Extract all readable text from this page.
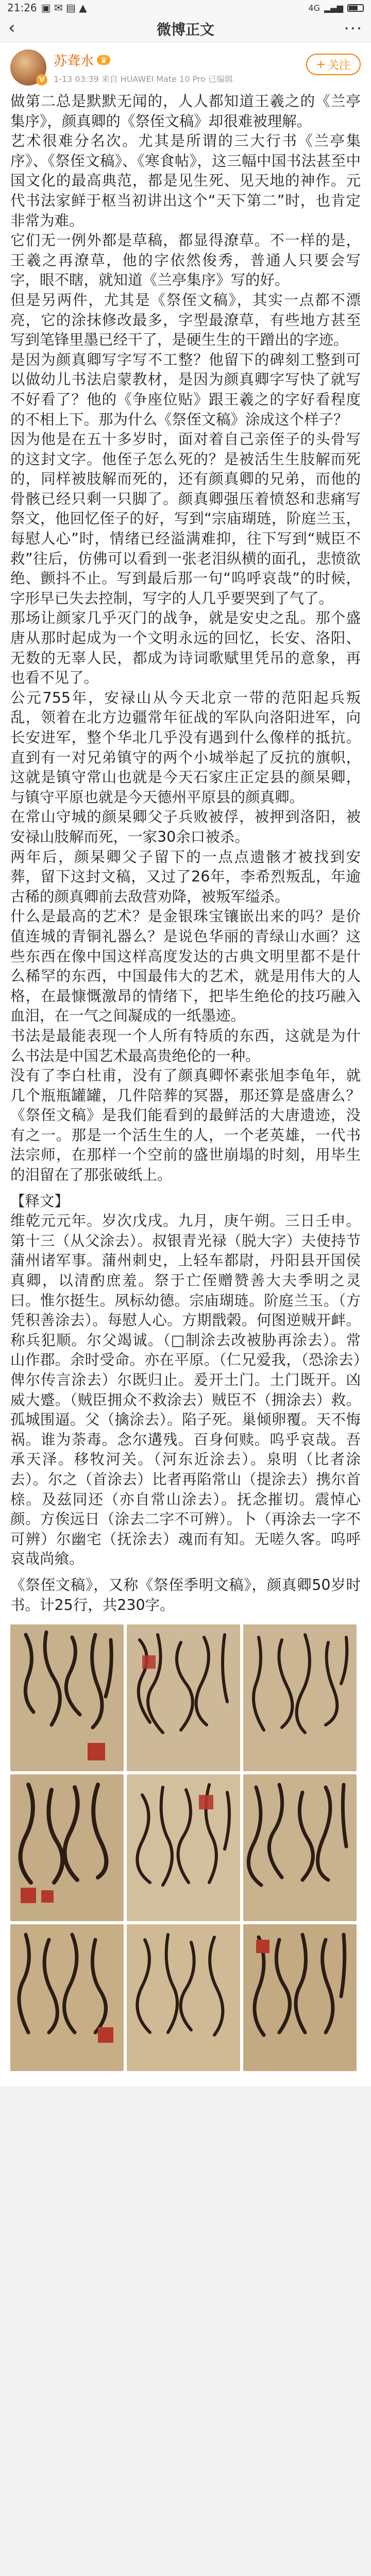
21:26 ▣ ✉ ▤ ▲	4G ▂▄▆
‹	微博正文	···
V
苏聋水 ♛
1-13 03:39 来自 HUAWEI Mate 10 Pro 已编辑
+ 关注

做第二总是默默无闻的，人人都知道王羲之的《兰亭集序》，颜真卿的《祭侄文稿》却很难被理解。

艺术很难分名次。尤其是所谓的三大行书《兰亭集序》、《祭侄文稿》、《寒食帖》，这三幅中国书法甚至中国文化的最高典范，都是见生死、见天地的神作。元代书法家鲜于枢当初讲出这个“天下第二”时，也肯定非常为难。

它们无一例外都是草稿，都显得潦草。不一样的是，王羲之再潦草，他的字依然俊秀，普通人只要会写字，眼不瞎，就知道《兰亭集序》写的好。

但是另两件，尤其是《祭侄文稿》，其实一点都不漂亮，它的涂抹修改最多，字型最潦草，有些地方甚至写到笔锋里墨已经干了，是硬生生的干蹭出的字迹。

是因为颜真卿写字写不工整？他留下的碑刻工整到可以做幼儿书法启蒙教材，是因为颜真卿字写快了就写不好看了？他的《争座位贴》跟王羲之的字好看程度的不相上下。那为什么《祭侄文稿》涂成这个样子？

因为他是在五十多岁时，面对着自己亲侄子的头骨写的这封文字。他侄子怎么死的？是被活生生肢解而死的，同样被肢解而死的，还有颜真卿的兄弟，而他的骨骸已经只剩一只脚了。颜真卿强压着愤怒和悲痛写祭文，他回忆侄子的好，写到“宗庙瑚琏，阶庭兰玉，每慰人心”时，情绪已经溢满难抑，往下写到“贼臣不救”往后，仿佛可以看到一张老泪纵横的面孔，悲愤欲绝、颤抖不止。写到最后那一句“呜呼哀哉”的时候，字形早已失去控制，写字的人几乎要哭到了气了。

那场让颜家几乎灭门的战争，就是安史之乱。那个盛唐从那时起成为一个文明永远的回忆，长安、洛阳、无数的无辜人民，都成为诗词歌赋里凭吊的意象，再也看不见了。

公元755年，安禄山从今天北京一带的范阳起兵叛乱，领着在北方边疆常年征战的军队向洛阳进军，向长安进军，整个华北几乎没有遇到什么像样的抵抗。直到有一对兄弟镇守的两个小城举起了反抗的旗帜，这就是镇守常山也就是今天石家庄正定县的颜杲卿，与镇守平原也就是今天德州平原县的颜真卿。

在常山守城的颜杲卿父子兵败被俘，被押到洛阳，被安禄山肢解而死，一家30余口被杀。

两年后，颜杲卿父子留下的一点点遗骸才被找到安葬，留下这封文稿，又过了26年，李希烈叛乱，年逾古稀的颜真卿前去敌营劝降，被叛军缢杀。

什么是最高的艺术？是金银珠宝镶嵌出来的吗？是价值连城的青铜礼器么？是说色华丽的青绿山水画？这些东西在像中国这样高度发达的古典文明里都不是什么稀罕的东西，中国最伟大的艺术，就是用伟大的人格，在最慷慨激昂的情绪下，把毕生绝伦的技巧融入血泪，在一气之间凝成的一纸墨迹。

书法是最能表现一个人所有特质的东西，这就是为什么书法是中国艺术最高贵绝伦的一种。

没有了李白杜甫，没有了颜真卿怀素张旭李龟年，就几个瓶瓶罐罐，几件陪葬的冥器，那还算是盛唐么？《祭侄文稿》是我们能看到的最鲜活的大唐遗迹，没有之一。那是一个活生生的人，一个老英雄，一代书法宗师，在那样一个空前的盛世崩塌的时刻，用毕生的泪留在了那张破纸上。

【释文】

维乾元元年。岁次戊戌。九月，庚午朔。三日壬申。第十三（从父涂去）。叔银青光禄（脱大字）夫使持节蒲州诸军事。蒲州刺史，上轻车都尉，丹阳县开国侯真卿，以清酌庶羞。祭于亡侄赠赞善大夫季明之灵曰。惟尔挺生。夙标幼德。宗庙瑚琏。阶庭兰玉。（方凭积善涂去）。每慰人心。方期戬榖。何图逆贼开衅。称兵犯顺。尔父竭诚。（□制涂去改被胁再涂去）。常山作郡。余时受命。亦在平原。（仁兄爱我，（恐涂去）俾尔传言涂去）尔既归止。爰开土门。土门既开。凶威大蹙。（贼臣拥众不救涂去）贼臣不（拥涂去）救。孤城围逼。父（擒涂去）。陷子死。巢倾卵覆。天不悔祸。谁为荼毒。念尔遘残。百身何赎。呜乎哀哉。吾承天泽。移牧河关。（河东近涂去）。泉明（比者涂去）。尔之（首涂去）比者再陷常山（提涂去）携尔首榇。及兹同还（亦自常山涂去）。抚念摧切。震悼心颜。方俟远日（涂去二字不可辨）。卜（再涂去一字不可辨）尔幽宅（抚涂去）魂而有知。无嗟久客。呜呼哀哉尚飨。

《祭侄文稿》，又称《祭侄季明文稿》，颜真卿50岁时书。计25行，共230字。
